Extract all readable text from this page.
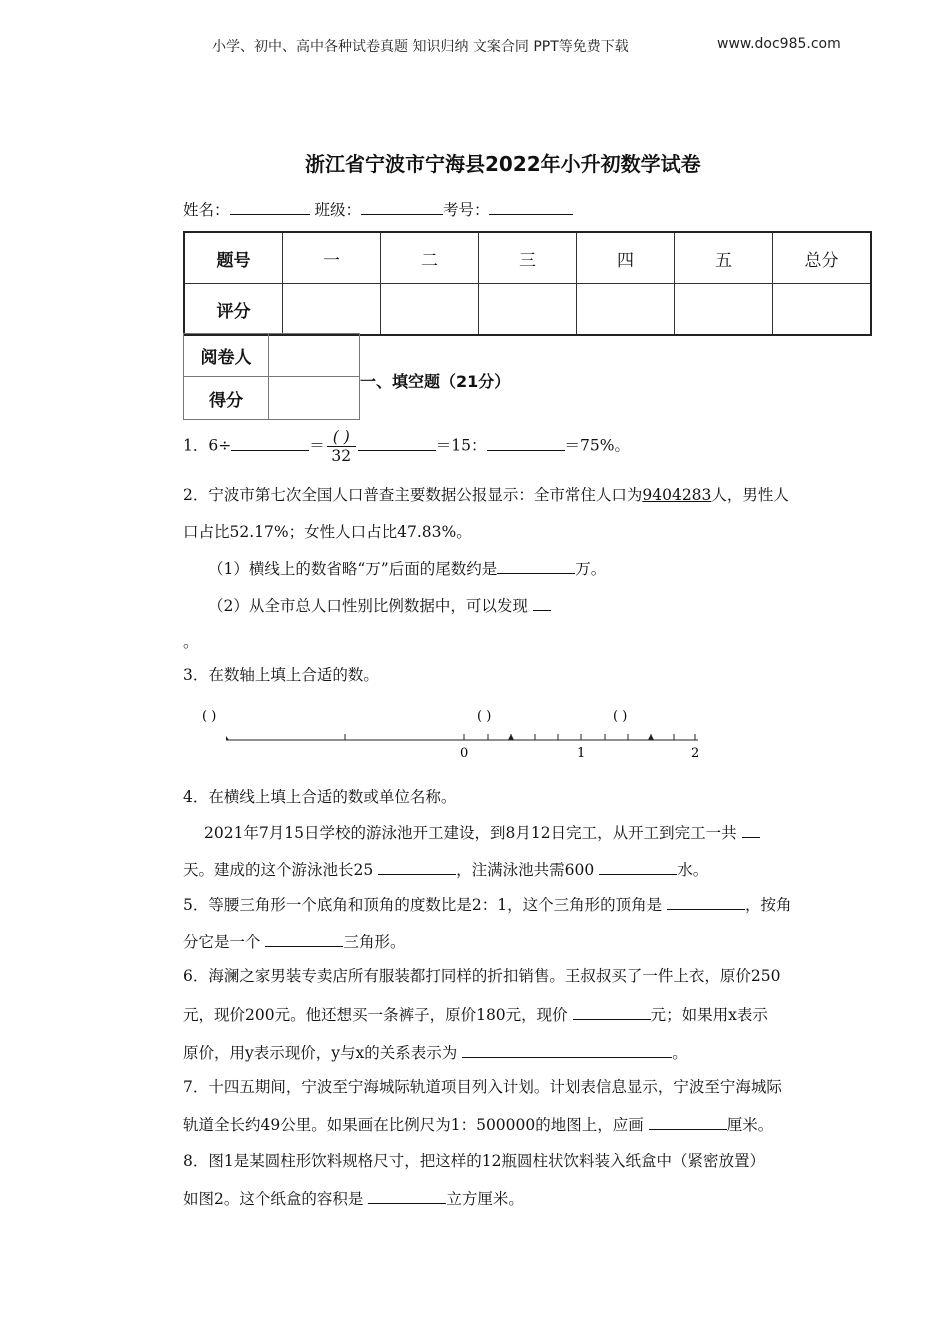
小学、初中、高中各种试卷真题 知识归纳 文案合同 PPT等免费下载	www.doc985.com
浙江省宁波市宁海县2022年小升初数学试卷
姓名：	班级：	考号：
题号	一	二	三	四	五	总分
评分						
阅卷人	
得分	
一、填空题（21分）
1．6÷	＝ $\frac{( )}{32}$	＝15：	＝75%。
2．宁波市第七次全国人口普查主要数据公报显示：全市常住人口为9404283人，男性人
口占比52.17%；女性人口占比47.83%。
（1）横线上的数省略“万”后面的尾数约是	万。
（2）从全市总人口性别比例数据中，可以发现
。
3．在数轴上填上合适的数。
( )	( )	( )
0	1	2
4．在横线上填上合适的数或单位名称。
2021年7月15日学校的游泳池开工建设，到8月12日完工，从开工到完工一共
天。建成的这个游泳池长25	，注满泳池共需600	水。
5．等腰三角形一个底角和顶角的度数比是2：1，这个三角形的顶角是	，按角
分它是一个	三角形。
6．海澜之家男装专卖店所有服装都打同样的折扣销售。王叔叔买了一件上衣，原价250
元，现价200元。他还想买一条裤子，原价180元，现价	元；如果用x表示
原价，用y表示现价，y与x的关系表示为	。
7．十四五期间，宁波至宁海城际轨道项目列入计划。计划表信息显示，宁波至宁海城际
轨道全长约49公里。如果画在比例尺为1：500000的地图上，应画	厘米。
8．图1是某圆柱形饮料规格尺寸，把这样的12瓶圆柱状饮料装入纸盒中（紧密放置）
如图2。这个纸盒的容积是	立方厘米。
